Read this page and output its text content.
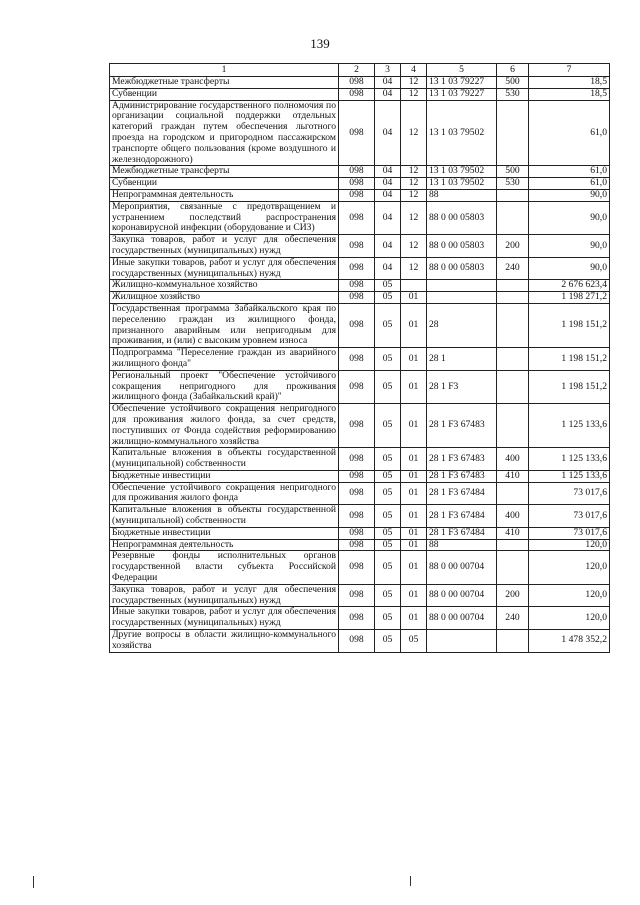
139
1	2	3	4	5	6	7
Межбюджетные трансферты	098	04	12	13 1 03 79227	500	18,5
Субвенции	098	04	12	13 1 03 79227	530	18,5
Администрирование государственного полномочия по организации социальной поддержки отдельных категорий граждан путем обеспечения льготного проезда на городском и пригородном пассажирском транспорте общего пользования (кроме воздушного и железнодорожного)	098	04	12	13 1 03 79502		61,0
Межбюджетные трансферты	098	04	12	13 1 03 79502	500	61,0
Субвенции	098	04	12	13 1 03 79502	530	61,0
Непрограммная деятельность	098	04	12	88		90,0
Мероприятия, связанные с предотвращением и устранением последствий распространения коронавирусной инфекции (оборудование и СИЗ)	098	04	12	88 0 00 05803		90,0
Закупка товаров, работ и услуг для обеспечения государственных (муниципальных) нужд	098	04	12	88 0 00 05803	200	90,0
Иные закупки товаров, работ и услуг для обеспечения государственных (муниципальных) нужд	098	04	12	88 0 00 05803	240	90,0
Жилищно-коммунальное хозяйство	098	05				2 676 623,4
Жилищное хозяйство	098	05	01			1 198 271,2
Государственная программа Забайкальского края по переселению граждан из жилищного фонда, признанного аварийным или непригодным для проживания, и (или) с высоким уровнем износа	098	05	01	28		1 198 151,2
Подпрограмма "Переселение граждан из аварийного жилищного фонда"	098	05	01	28 1		1 198 151,2
Региональный проект "Обеспечение устойчивого сокращения непригодного для проживания жилищного фонда (Забайкальский край)"	098	05	01	28 1 F3		1 198 151,2
Обеспечение устойчивого сокращения непригодного для проживания жилого фонда, за счет средств, поступивших от Фонда содействия реформированию жилищно-коммунального хозяйства	098	05	01	28 1 F3 67483		1 125 133,6
Капитальные вложения в объекты государственной (муниципальной) собственности	098	05	01	28 1 F3 67483	400	1 125 133,6
Бюджетные инвестиции	098	05	01	28 1 F3 67483	410	1 125 133,6
Обеспечение устойчивого сокращения непригодного для проживания жилого фонда	098	05	01	28 1 F3 67484		73 017,6
Капитальные вложения в объекты государственной (муниципальной) собственности	098	05	01	28 1 F3 67484	400	73 017,6
Бюджетные инвестиции	098	05	01	28 1 F3 67484	410	73 017,6
Непрограммная деятельность	098	05	01	88		120,0
Резервные фонды исполнительных органов государственной власти субъекта Российской Федерации	098	05	01	88 0 00 00704		120,0
Закупка товаров, работ и услуг для обеспечения государственных (муниципальных) нужд	098	05	01	88 0 00 00704	200	120,0
Иные закупки товаров, работ и услуг для обеспечения государственных (муниципальных) нужд	098	05	01	88 0 00 00704	240	120,0
Другие вопросы в области жилищно-коммунального хозяйства	098	05	05			1 478 352,2
